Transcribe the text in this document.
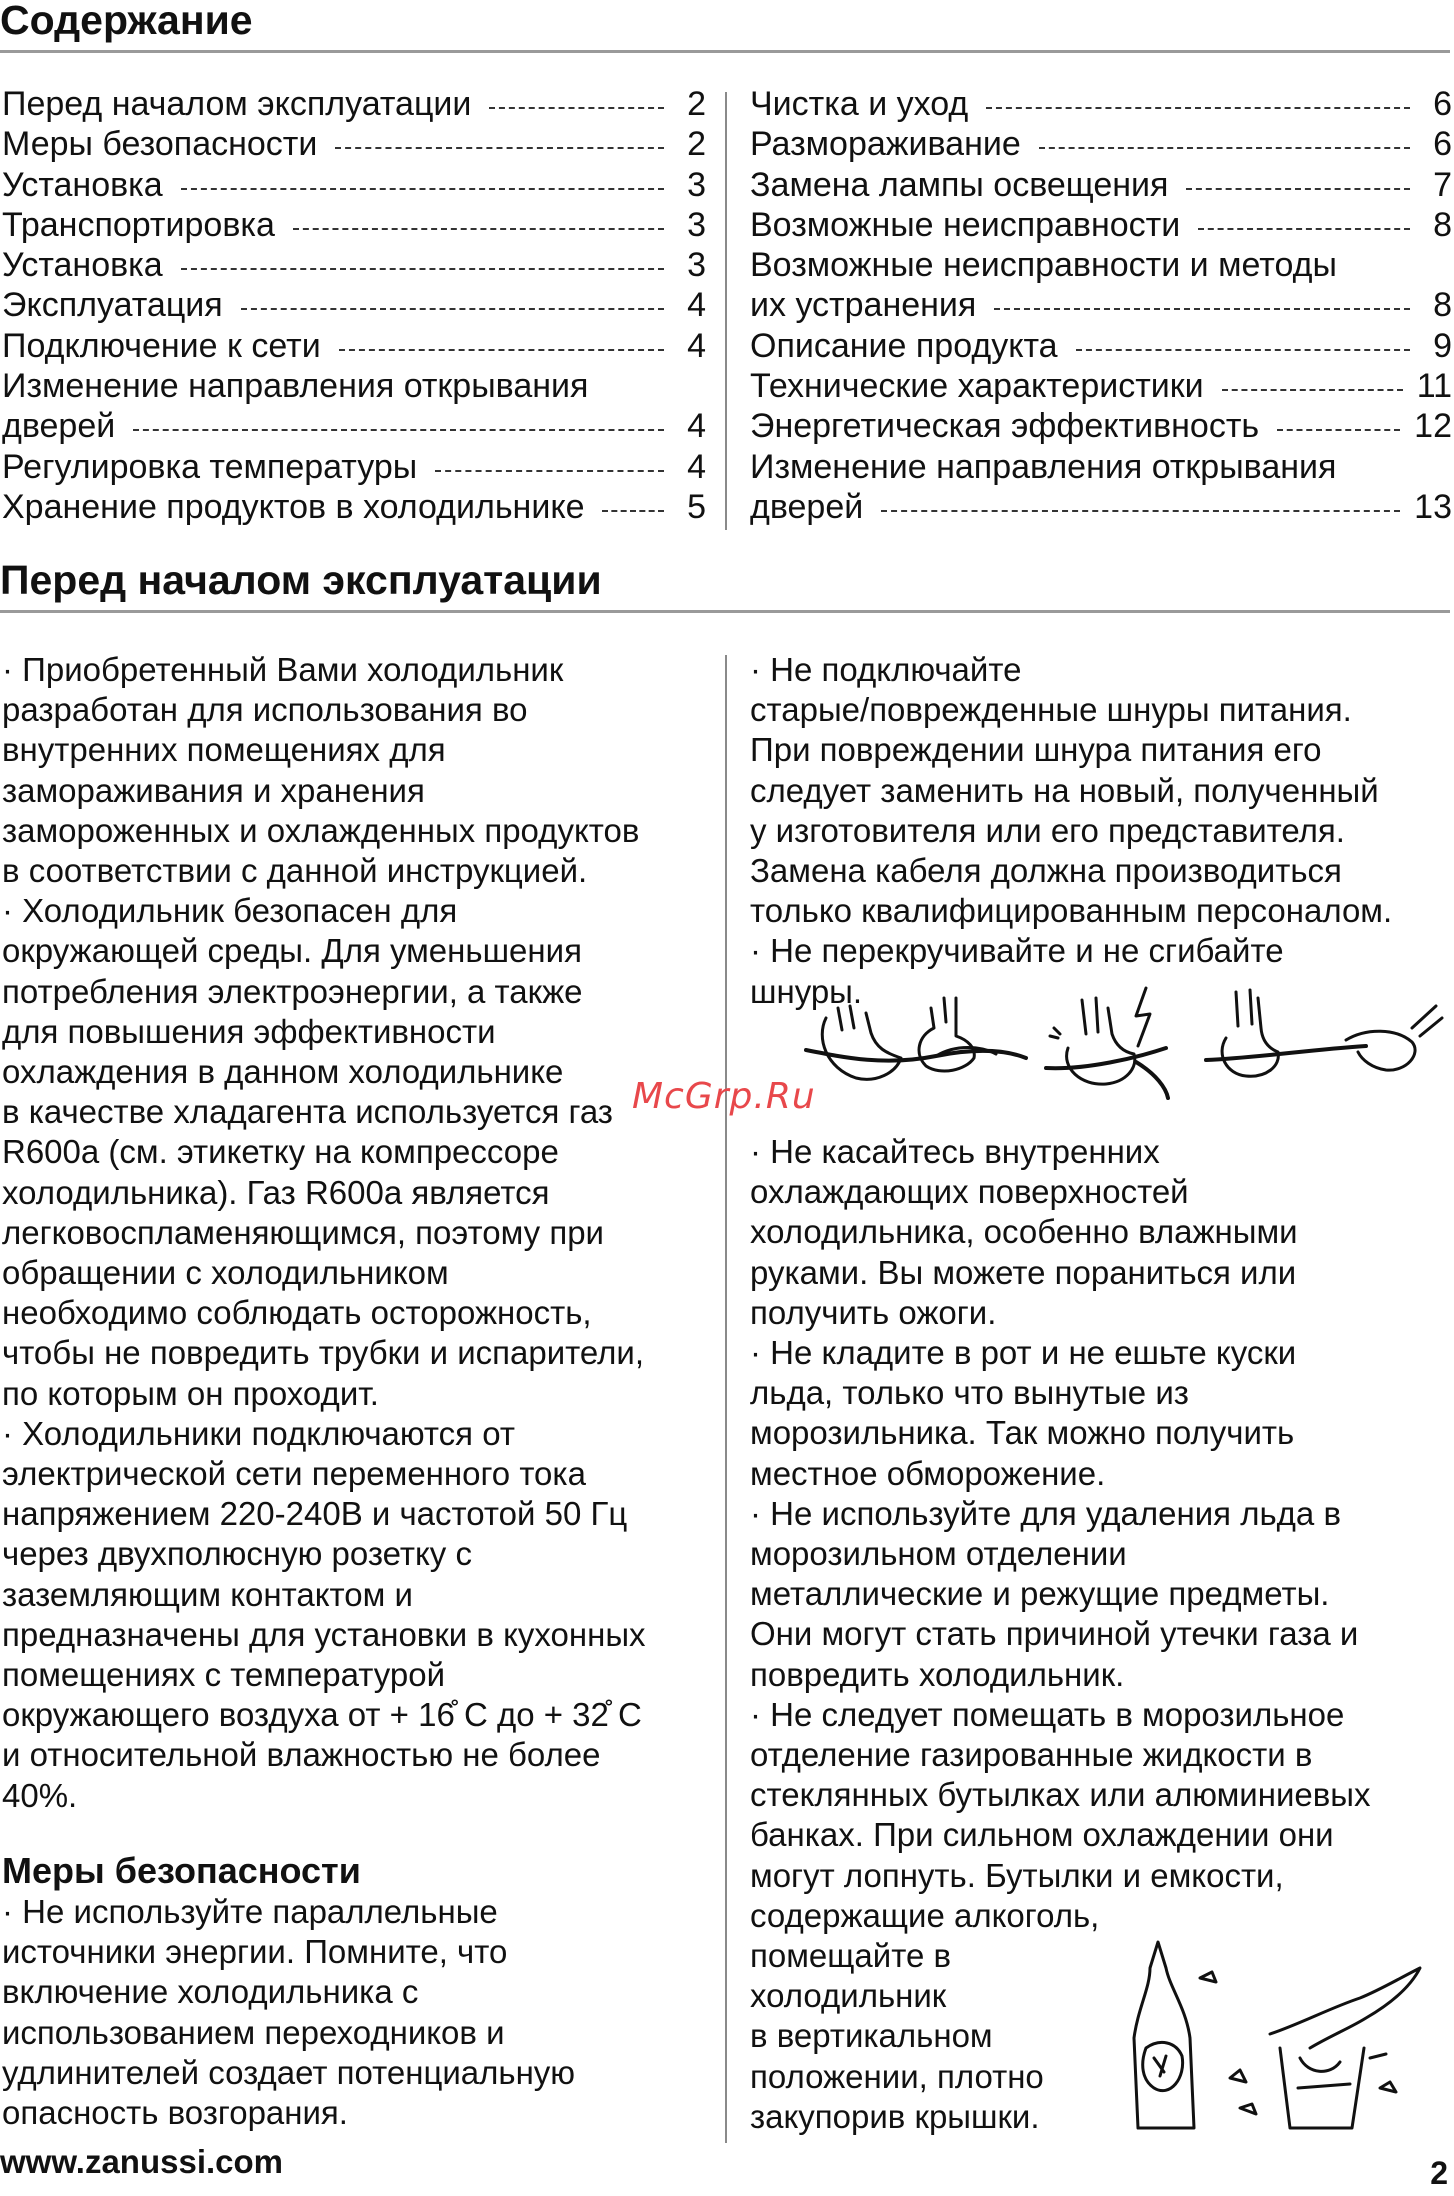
Содержание
Перед началом эксплуатации	2
Меры безопасности	2
Установка	3
Транспортировка	3
Установка	3
Эксплуатация	4
Подключение к сети	4
Изменение направления открывания
дверей	4
Регулировка температуры	4
Хранение продуктов в холодильнике	5
Чистка и уход	6
Размораживание	6
Замена лампы освещения	7
Возможные неисправности	8
Возможные неисправности и методы
их устранения	8
Описание продукта	9
Технические характеристики	11
Энергетическая эффективность	12
Изменение направления открывания
дверей	13
Перед началом эксплуатации
· Приобретенный Вами холодильник
разработан для использования во
внутренних помещениях для
замораживания и хранения
замороженных и охлажденных продуктов
в соответствии с данной инструкцией.
· Холодильник безопасен для
окружающей среды. Для уменьшения
потребления электроэнергии, а также
для повышения эффективности
охлаждения в данном холодильнике
в качестве хладагента используется газ
R600a (см. этикетку на компрессоре
холодильника). Газ R600a является
легковоспламеняющимся, поэтому при
обращении с холодильником
необходимо соблюдать осторожность,
чтобы не повредить трубки и испарители,
по которым он проходит.
· Холодильники подключаются от
электрической сети переменного тока
напряжением 220-240В и частотой 50 Гц
через двухполюсную розетку с
заземляющим контактом и
предназначены для установки в кухонных
помещениях с температурой
окружающего воздуха от + 16̊ С до + 32̊ С
и относительной влажностью не более
40%.
Меры безопасности
· Не используйте параллельные
источники энергии. Помните, что
включение холодильника с
использованием переходников и
удлинителей создает потенциальную
опасность возгорания.
· Не подключайте
старые/поврежденные шнуры питания.
При повреждении шнура питания его
следует заменить на новый, полученный
у изготовителя или его представителя.
Замена кабеля должна производиться
только квалифицированным персоналом.
· Не перекручивайте и не сгибайте
шнуры.
McGrp.Ru
· Не касайтесь внутренних
охлаждающих поверхностей
холодильника, особенно влажными
руками. Вы можете пораниться или
получить ожоги.
· Не кладите в рот и не ешьте куски
льда, только что вынутые из
морозильника. Так можно получить
местное обморожение.
· Не используйте для удаления льда в
морозильном отделении
металлические и режущие предметы.
Они могут стать причиной утечки газа и
повредить холодильник.
· Не следует помещать в морозильное
отделение газированные жидкости в
стеклянных бутылках или алюминиевых
банках. При сильном охлаждении они
могут лопнуть. Бутылки и емкости,
содержащие алкоголь,
помещайте в
холодильник
в вертикальном
положении, плотно
закупорив крышки.
www.zanussi.com	2
